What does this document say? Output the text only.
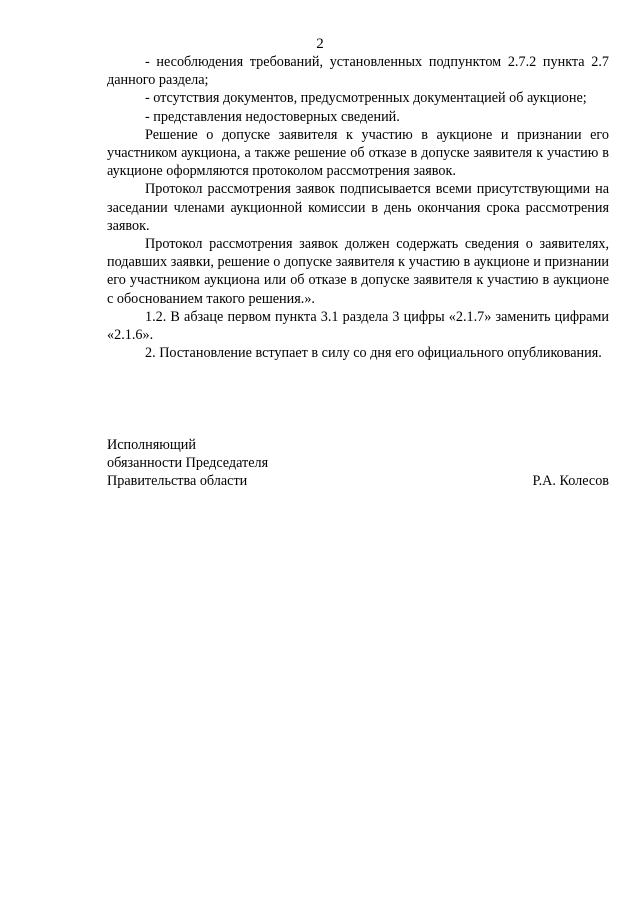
2

- несоблюдения требований, установленных подпунктом 2.7.2 пункта 2.7 данного раздела;

- отсутствия документов, предусмотренных документацией об аукционе;

- представления недостоверных сведений.

Решение о допуске заявителя к участию в аукционе и признании его участником аукциона, а также решение об отказе в допуске заявителя к участию в аукционе оформляются протоколом рассмотрения заявок.

Протокол рассмотрения заявок подписывается всеми присутствующими на заседании членами аукционной комиссии в день окончания срока рассмотрения заявок.

Протокол рассмотрения заявок должен содержать сведения о заявителях, подавших заявки, решение о допуске заявителя к участию в аукционе и признании его участником аукциона или об отказе в допуске заявителя к участию в аукционе с обоснованием такого решения.».

1.2. В абзаце первом пункта 3.1 раздела 3 цифры «2.1.7» заменить цифрами «2.1.6».

2. Постановление вступает в силу со дня его официального опубликования.

Исполняющий
обязанности Председателя
Правительства области	Р.А. Колесов
